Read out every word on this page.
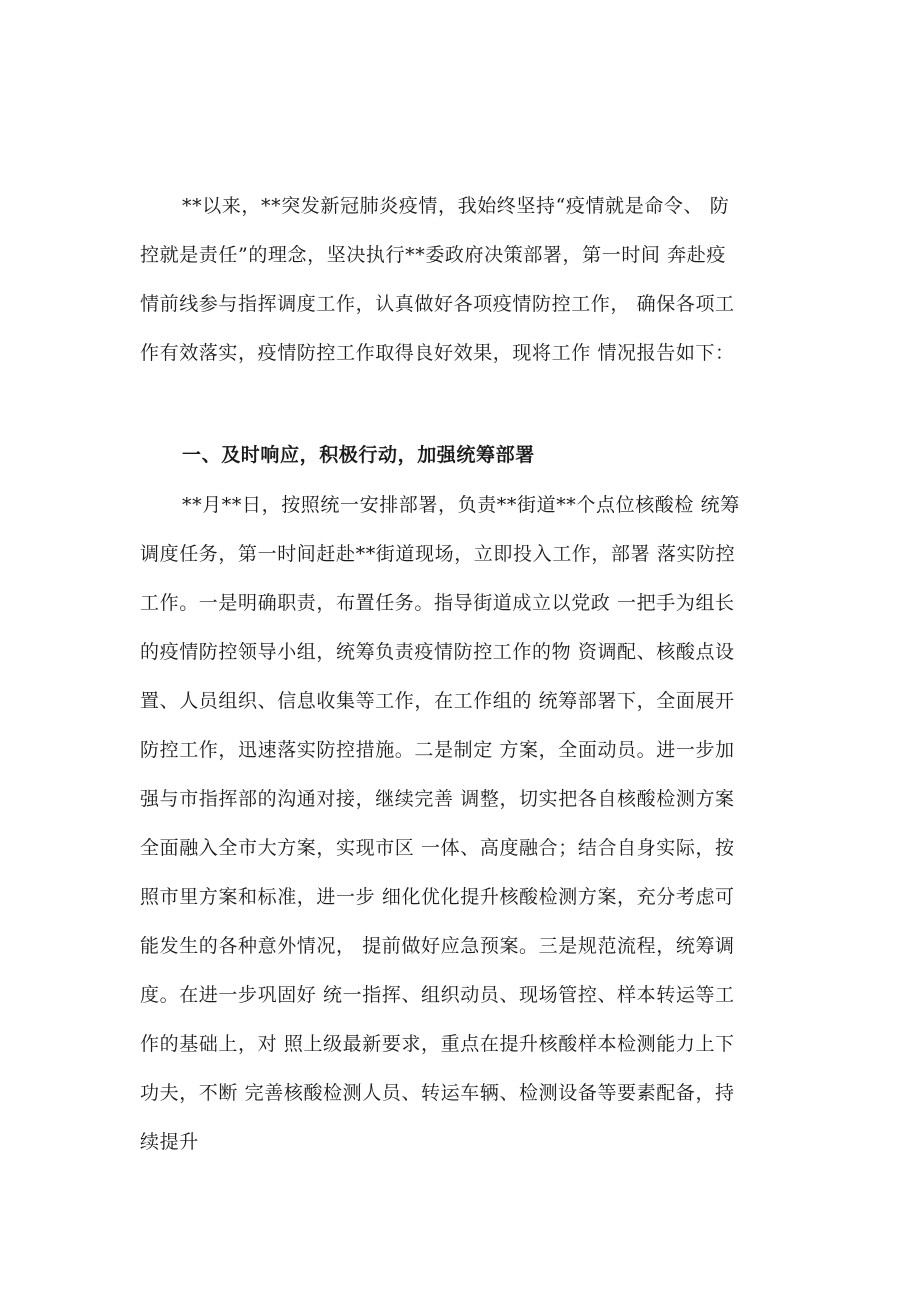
**以来，**突发新冠肺炎疫情，我始终坚持“疫情就是命令、 防
控就是责任”的理念，坚决执行**委政府决策部署，第一时间 奔赴疫
情前线参与指挥调度工作，认真做好各项疫情防控工作， 确保各项工
作有效落实，疫情防控工作取得良好效果，现将工作 情况报告如下：
一、及时响应，积极行动，加强统筹部署
**月**日，按照统一安排部署，负责**街道**个点位核酸检 统筹
调度任务，第一时间赶赴**街道现场，立即投入工作，部署 落实防控
工作。一是明确职责，布置任务。指导街道成立以党政 一把手为组长
的疫情防控领导小组，统筹负责疫情防控工作的物 资调配、核酸点设
置、人员组织、信息收集等工作，在工作组的 统筹部署下，全面展开
防控工作，迅速落实防控措施。二是制定 方案，全面动员。进一步加
强与市指挥部的沟通对接，继续完善 调整，切实把各自核酸检测方案
全面融入全市大方案，实现市区 一体、高度融合；结合自身实际，按
照市里方案和标准，进一步 细化优化提升核酸检测方案，充分考虑可
能发生的各种意外情况， 提前做好应急预案。三是规范流程，统筹调
度。在进一步巩固好 统一指挥、组织动员、现场管控、样本转运等工
作的基础上，对 照上级最新要求，重点在提升核酸样本检测能力上下
功夫，不断 完善核酸检测人员、转运车辆、检测设备等要素配备，持
续提升
